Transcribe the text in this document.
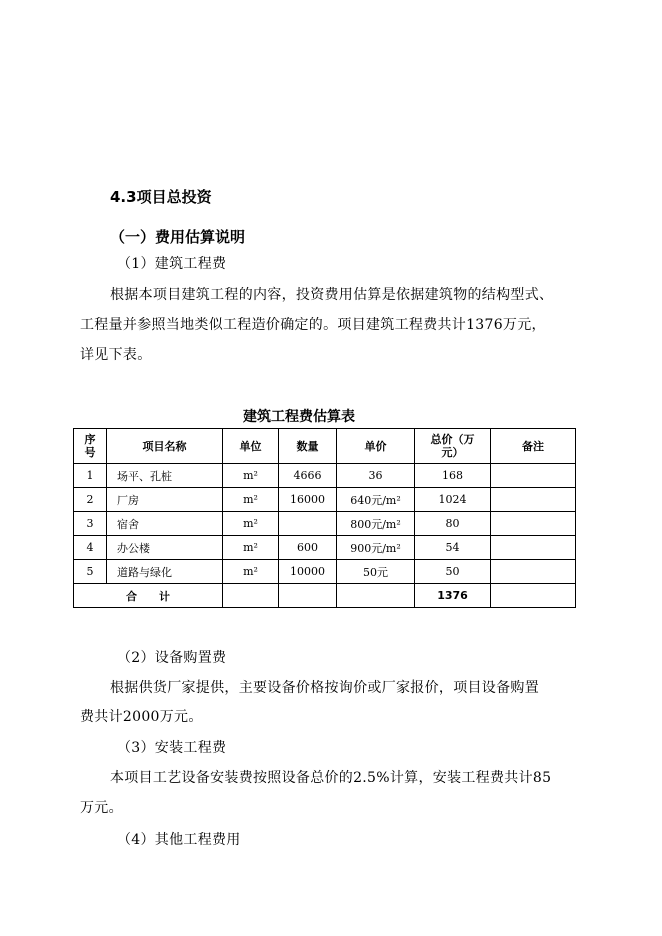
4.3项目总投资
（一）费用估算说明
（1）建筑工程费
根据本项目建筑工程的内容，投资费用估算是依据建筑物的结构型式、
工程量并参照当地类似工程造价确定的。项目建筑工程费共计1376万元，
详见下表。
建筑工程费估算表
序号	项目名称	单位	数量	单价	总价（万元）	备注
1	场平、孔桩	m²	4666	36	168	
2	厂房	m²	16000	640元/m²	1024	
3	宿舍	m²		800元/m²	80	
4	办公楼	m²	600	900元/m²	54	
5	道路与绿化	m²	10000	50元	50	
合　　计					1376	
（2）设备购置费
根据供货厂家提供，主要设备价格按询价或厂家报价，项目设备购置
费共计2000万元。
（3）安装工程费
本项目工艺设备安装费按照设备总价的2.5%计算，安装工程费共计85
万元。
（4）其他工程费用
